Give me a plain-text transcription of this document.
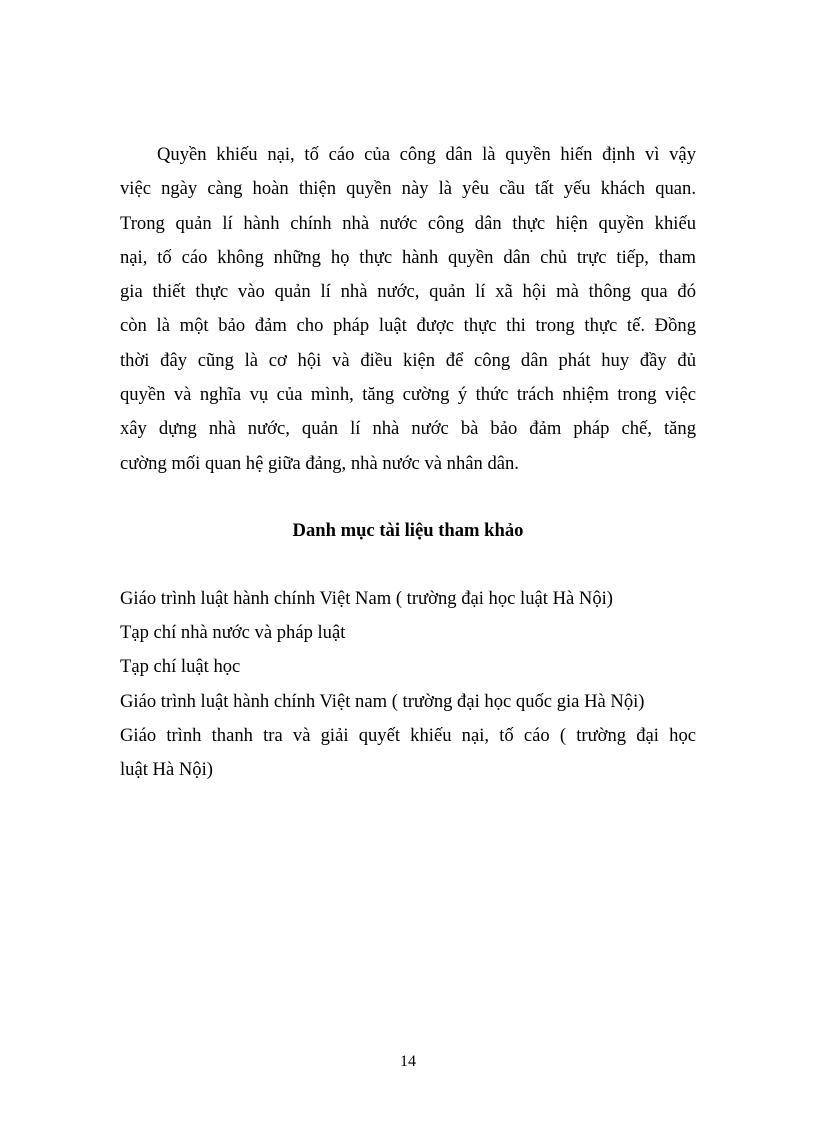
Quyền khiếu nại, tố cáo của công dân là quyền hiến định vì vậy
việc ngày càng hoàn thiện quyền này là yêu cầu tất yếu khách quan.
Trong quản lí hành chính nhà nước công dân thực hiện quyền khiếu
nại, tố cáo không những họ thực hành quyền dân chủ trực tiếp, tham
gia thiết thực vào quản lí nhà nước, quản lí xã hội mà thông qua đó
còn là một bảo đảm cho pháp luật được thực thi trong thực tế. Đồng
thời đây cũng là cơ hội và điều kiện để công dân phát huy đầy đủ
quyền và nghĩa vụ của mình, tăng cường ý thức trách nhiệm trong việc
xây dựng nhà nước, quản lí nhà nước bà bảo đảm pháp chế, tăng
cường mối quan hệ giữa đảng, nhà nước và nhân dân.

Danh mục tài liệu tham khảo
Giáo trình luật hành chính Việt Nam ( trường đại học luật Hà Nội)
Tạp chí nhà nước và pháp luật
Tạp chí luật học
Giáo trình luật hành chính Việt nam ( trường đại học quốc gia Hà Nội)
Giáo trình thanh tra và giải quyết khiếu nại, tố cáo ( trường đại học
luật Hà Nội)
14
